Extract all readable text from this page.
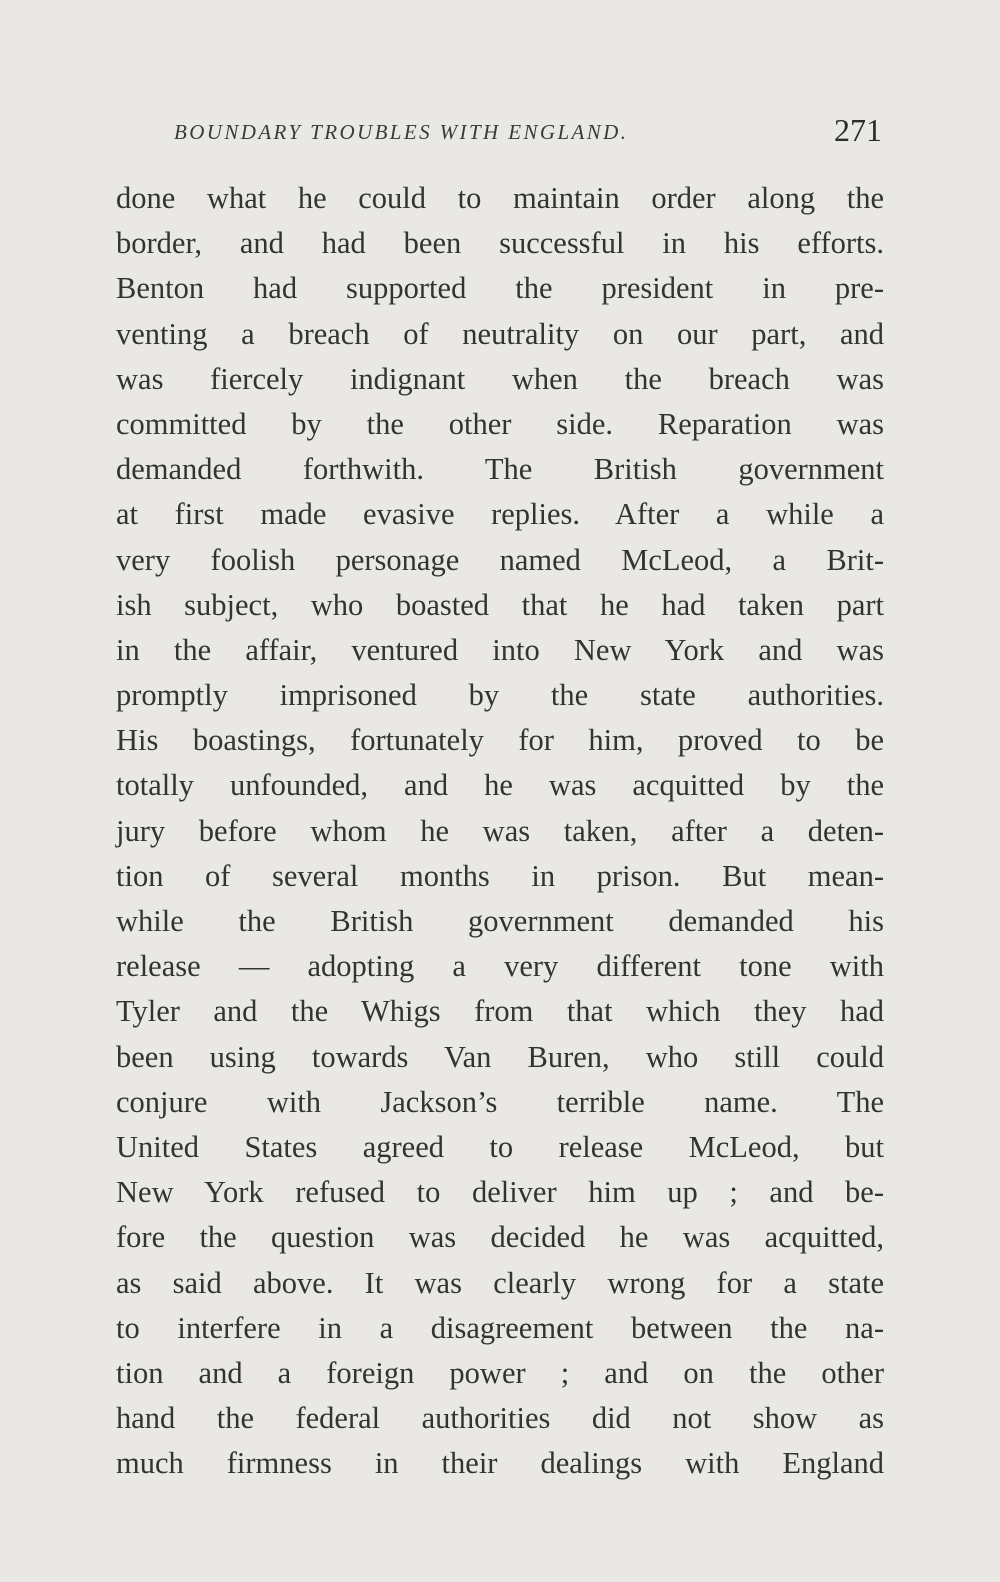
BOUNDARY TROUBLES WITH ENGLAND.	271
done what he could to maintain order along the
border, and had been successful in his efforts.
Benton had supported the president in pre-
venting a breach of neutrality on our part, and
was fiercely indignant when the breach was
committed by the other side. Reparation was
demanded forthwith. The British government
at first made evasive replies. After a while a
very foolish personage named McLeod, a Brit-
ish subject, who boasted that he had taken part
in the affair, ventured into New York and was
promptly imprisoned by the state authorities.
His boastings, fortunately for him, proved to be
totally unfounded, and he was acquitted by the
jury before whom he was taken, after a deten-
tion of several months in prison. But mean-
while the British government demanded his
release — adopting a very different tone with
Tyler and the Whigs from that which they had
been using towards Van Buren, who still could
conjure with Jackson’s terrible name. The
United States agreed to release McLeod, but
New York refused to deliver him up ; and be-
fore the question was decided he was acquitted,
as said above. It was clearly wrong for a state
to interfere in a disagreement between the na-
tion and a foreign power ; and on the other
hand the federal authorities did not show as
much firmness in their dealings with England
